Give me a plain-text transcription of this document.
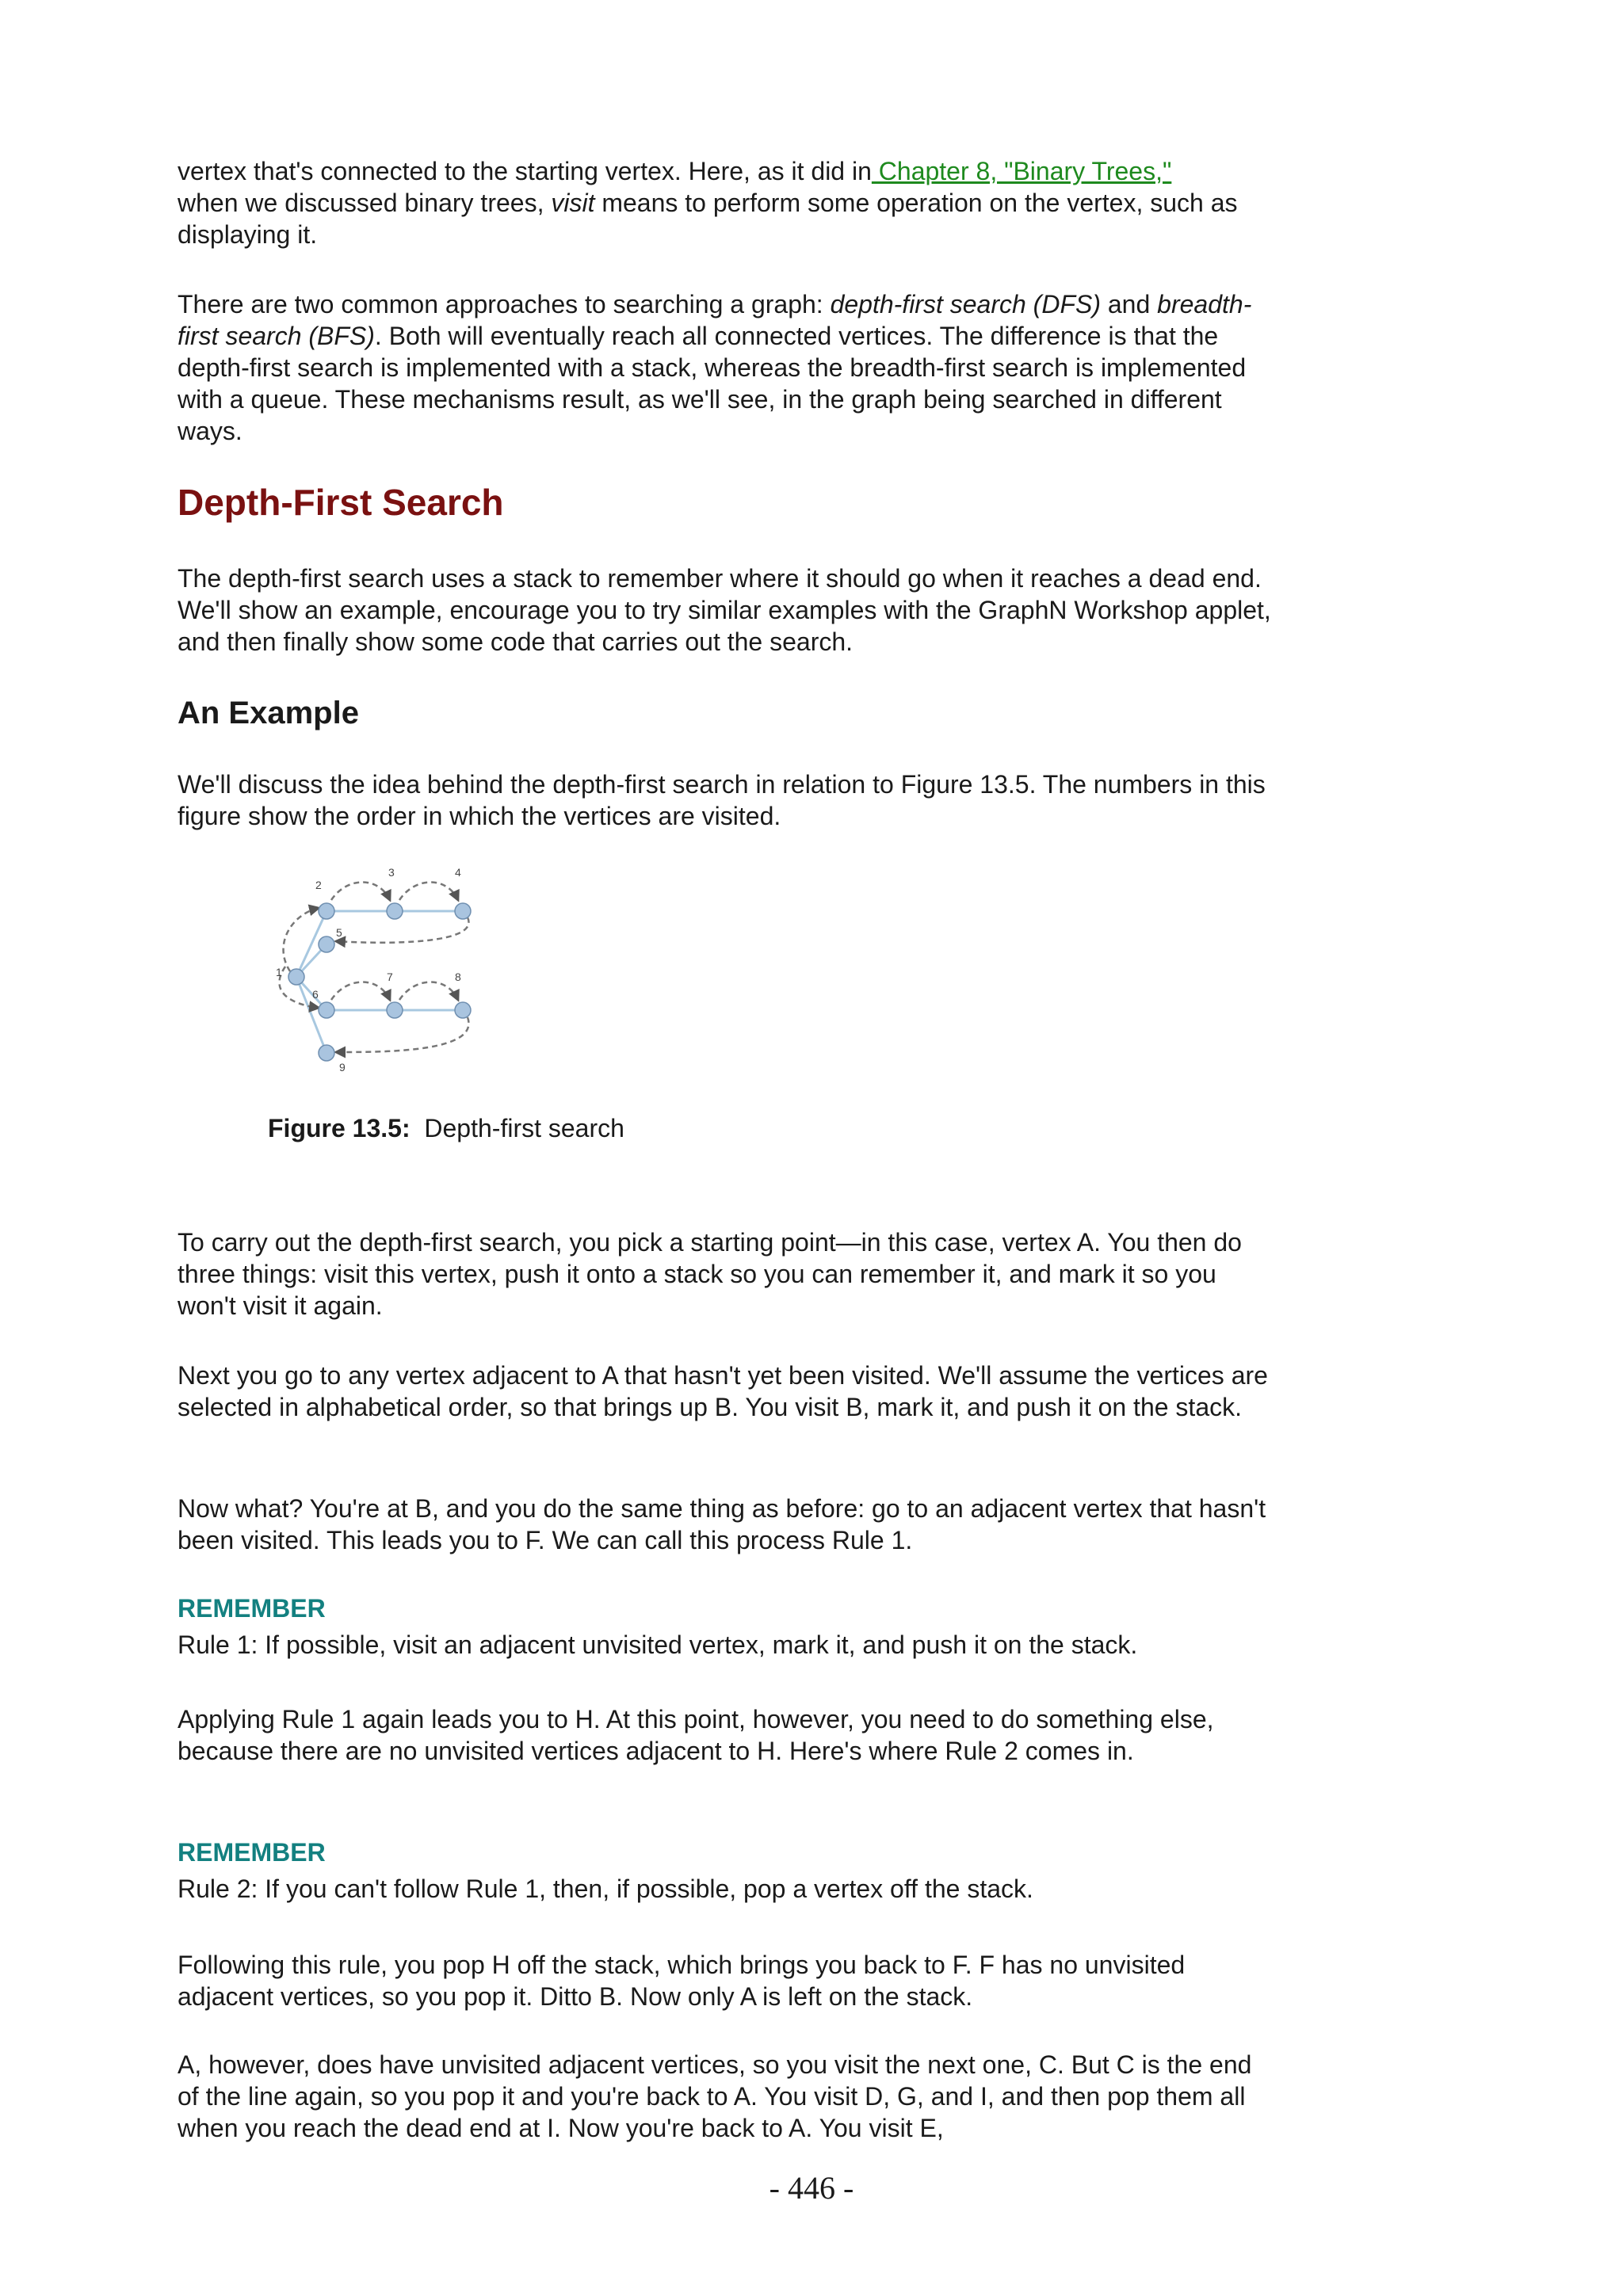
vertex that's connected to the starting vertex. Here, as it did in Chapter 8, "Binary Trees,"
when we discussed binary trees, visit means to perform some operation on the vertex, such as displaying it.

There are two common approaches to searching a graph: depth-first search (DFS) and breadth-first search (BFS). Both will eventually reach all connected vertices. The difference is that the depth-first search is implemented with a stack, whereas the breadth-first search is implemented with a queue. These mechanisms result, as we'll see, in the graph being searched in different ways.

Depth-First Search

The depth-first search uses a stack to remember where it should go when it reaches a dead end. We'll show an example, encourage you to try similar examples with the GraphN Workshop applet, and then finally show some code that carries out the search.

An Example

We'll discuss the idea behind the depth-first search in relation to Figure 13.5. The numbers in this figure show the order in which the vertices are visited.

1
2
3	4
5
6
7	8
9
Figure 13.5: Depth-first search

To carry out the depth-first search, you pick a starting point—in this case, vertex A. You then do three things: visit this vertex, push it onto a stack so you can remember it, and mark it so you won't visit it again.

Next you go to any vertex adjacent to A that hasn't yet been visited. We'll assume the vertices are selected in alphabetical order, so that brings up B. You visit B, mark it, and push it on the stack.

Now what? You're at B, and you do the same thing as before: go to an adjacent vertex that hasn't been visited. This leads you to F. We can call this process Rule 1.

REMEMBER

Rule 1: If possible, visit an adjacent unvisited vertex, mark it, and push it on the stack.

Applying Rule 1 again leads you to H. At this point, however, you need to do something else, because there are no unvisited vertices adjacent to H. Here's where Rule 2 comes in.

REMEMBER

Rule 2: If you can't follow Rule 1, then, if possible, pop a vertex off the stack.

Following this rule, you pop H off the stack, which brings you back to F. F has no unvisited adjacent vertices, so you pop it. Ditto B. Now only A is left on the stack.

A, however, does have unvisited adjacent vertices, so you visit the next one, C. But C is the end of the line again, so you pop it and you're back to A. You visit D, G, and I, and then pop them all when you reach the dead end at I. Now you're back to A. You visit E,

- 446 -
